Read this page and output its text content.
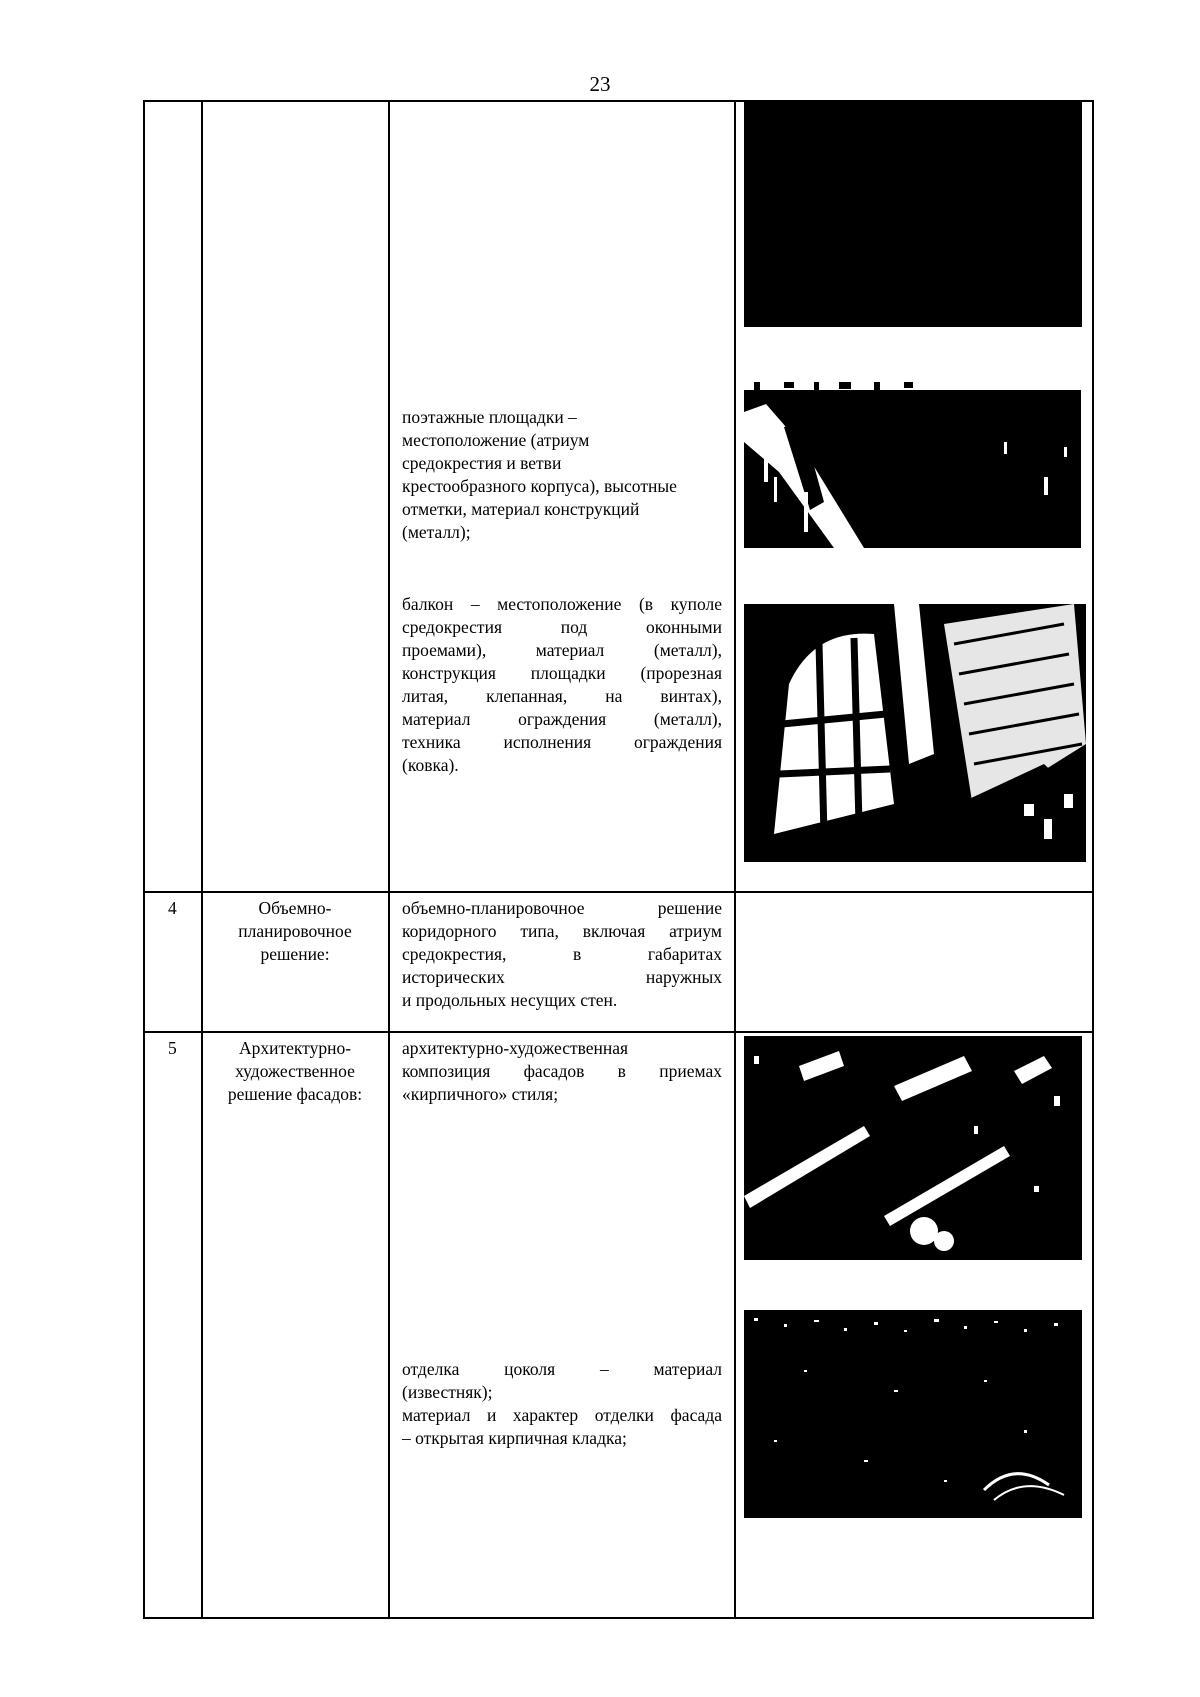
23
поэтажные площадки –
местоположение (атриум
средокрестия и ветви
крестообразного корпуса), высотные
отметки, материал конструкций
(металл);
балкон – местоположение (в куполе
средокрестия под оконными
проемами), материал (металл),
конструкция площадки (прорезная
литая, клепанная, на винтах),
материал ограждения (металл),
техника исполнения ограждения
(ковка).
4	Объемно-
планировочное
решение:
объемно-планировочное решение
коридорного типа, включая атриум
средокрестия, в габаритах
исторических наружных
и продольных несущих стен.
5	Архитектурно-
художественное
решение фасадов:
архитектурно-художественная
композиция фасадов в приемах
«кирпичного» стиля;
отделка цоколя – материал
(известняк);
материал и характер отделки фасада
– открытая кирпичная кладка;
